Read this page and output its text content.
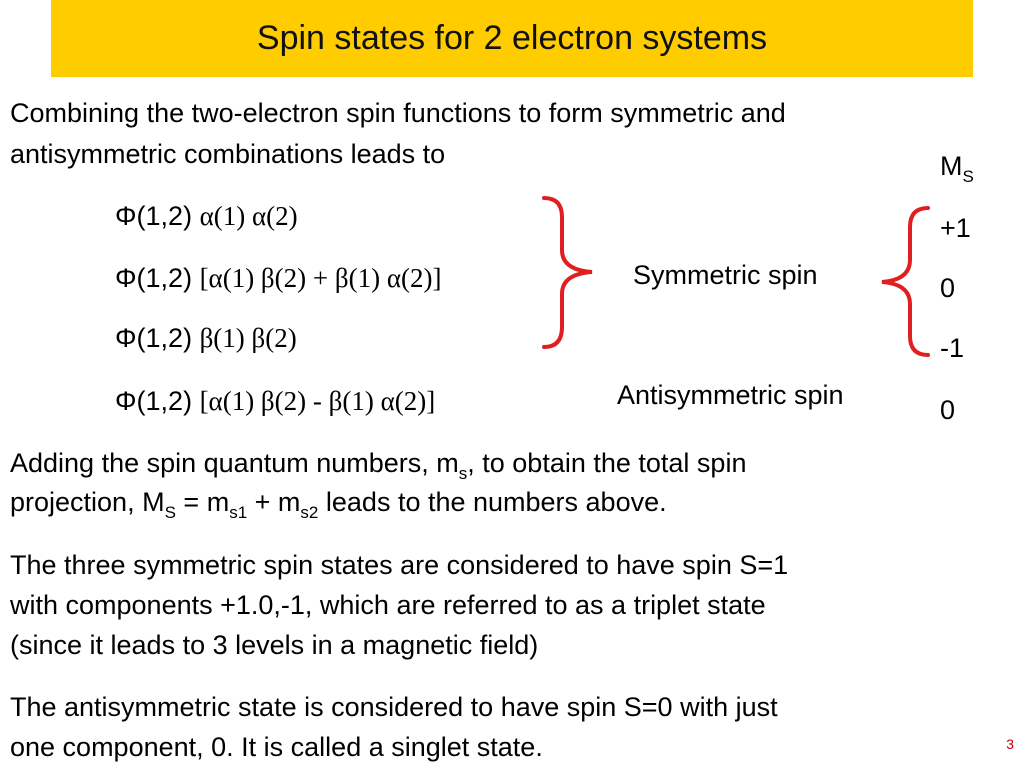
Spin states for 2 electron systems
Combining the two-electron spin functions to form symmetric and
antisymmetric combinations leads to	$M_S$
Φ(1,2) α(1) α(2)
Φ(1,2) [α(1) β(2) + β(1) α(2)]
Φ(1,2) β(1) β(2)
Φ(1,2) [α(1) β(2) - β(1) α(2)]
+1
0
-1
0
Symmetric spin
Antisymmetric spin
Adding the spin quantum numbers, $m_s$, to obtain the total spin
projection, $M_S = m_{s1} + m_{s2}$ leads to the numbers above.
The three symmetric spin states are considered to have spin S=1
with components +1.0,-1, which are referred to as a triplet state
(since it leads to 3 levels in a magnetic field)
The antisymmetric state is considered to have spin S=0 with just
one component, 0. It is called a singlet state.	3
